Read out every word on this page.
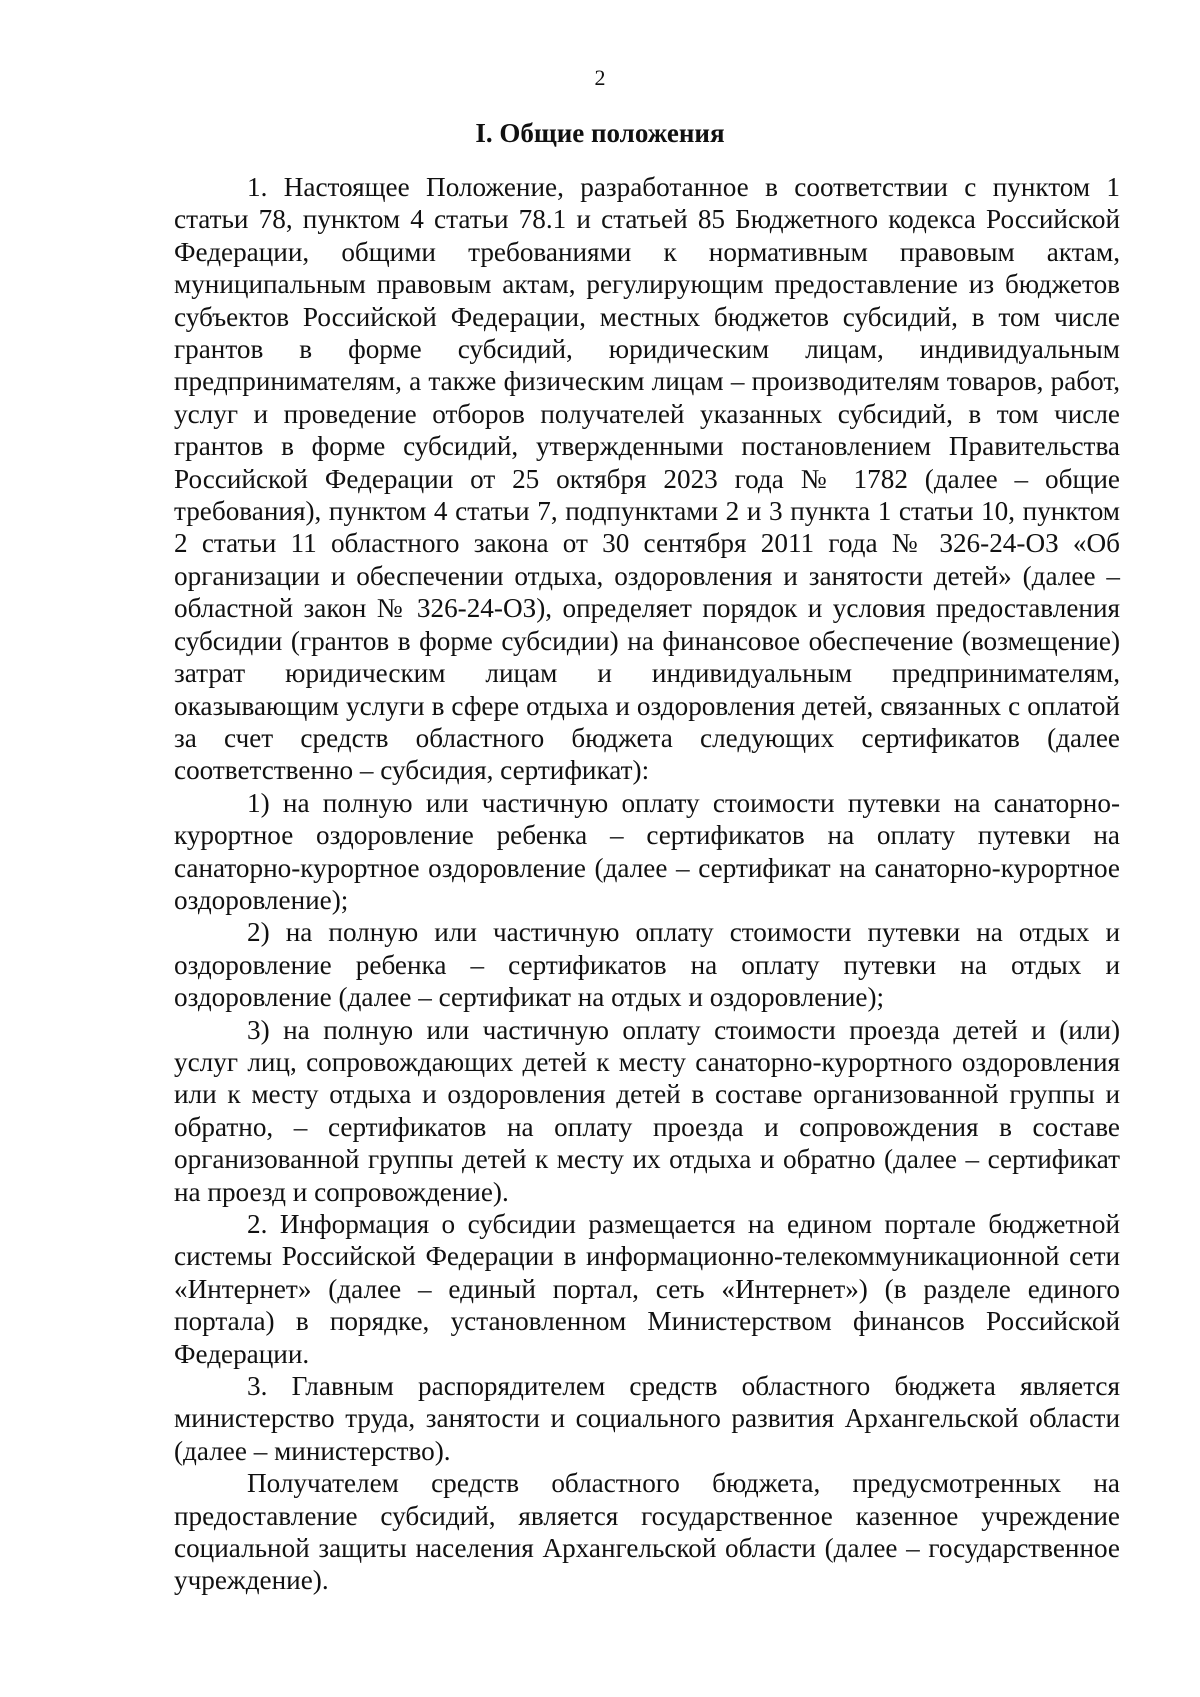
2
I. Общие положения

1. Настоящее Положение, разработанное в соответствии с пунктом 1 статьи 78, пунктом 4 статьи 78.1 и статьей 85 Бюджетного кодекса Российской Федерации, общими требованиями к нормативным правовым актам, муниципальным правовым актам, регулирующим предоставление из бюджетов субъектов Российской Федерации, местных бюджетов субсидий, в том числе грантов в форме субсидий, юридическим лицам, индивидуальным предпринимателям, а также физическим лицам – производителям товаров, работ, услуг и проведение отборов получателей указанных субсидий, в том числе грантов в форме субсидий, утвержденными постановлением Правительства Российской Федерации от 25 октября 2023 года № 1782 (далее – общие требования), пунктом 4 статьи 7, подпунктами 2 и 3 пункта 1 статьи 10, пунктом 2 статьи 11 областного закона от 30 сентября 2011 года № 326-24-ОЗ «Об организации и обеспечении отдыха, оздоровления и занятости детей» (далее – областной закон № 326-24-ОЗ), определяет порядок и условия предоставления субсидии (грантов в форме субсидии) на финансовое обеспечение (возмещение) затрат юридическим лицам и индивидуальным предпринимателям, оказывающим услуги в сфере отдыха и оздоровления детей, связанных с оплатой за счет средств областного бюджета следующих сертификатов (далее соответственно – субсидия, сертификат):

1) на полную или частичную оплату стоимости путевки на санаторно-курортное оздоровление ребенка – сертификатов на оплату путевки на санаторно-курортное оздоровление (далее – сертификат на санаторно-курортное оздоровление);

2) на полную или частичную оплату стоимости путевки на отдых и оздоровление ребенка – сертификатов на оплату путевки на отдых и оздоровление (далее – сертификат на отдых и оздоровление);

3) на полную или частичную оплату стоимости проезда детей и (или) услуг лиц, сопровождающих детей к месту санаторно-курортного оздоровления или к месту отдыха и оздоровления детей в составе организованной группы и обратно, – сертификатов на оплату проезда и сопровождения в составе организованной группы детей к месту их отдыха и обратно (далее – сертификат на проезд и сопровождение).

2. Информация о субсидии размещается на едином портале бюджетной системы Российской Федерации в информационно-телекоммуникационной сети «Интернет» (далее – единый портал, сеть «Интернет») (в разделе единого портала) в порядке, установленном Министерством финансов Российской Федерации.

3. Главным распорядителем средств областного бюджета является министерство труда, занятости и социального развития Архангельской области (далее – министерство).

Получателем средств областного бюджета, предусмотренных на предоставление субсидий, является государственное казенное учреждение социальной защиты населения Архангельской области (далее – государственное учреждение).
